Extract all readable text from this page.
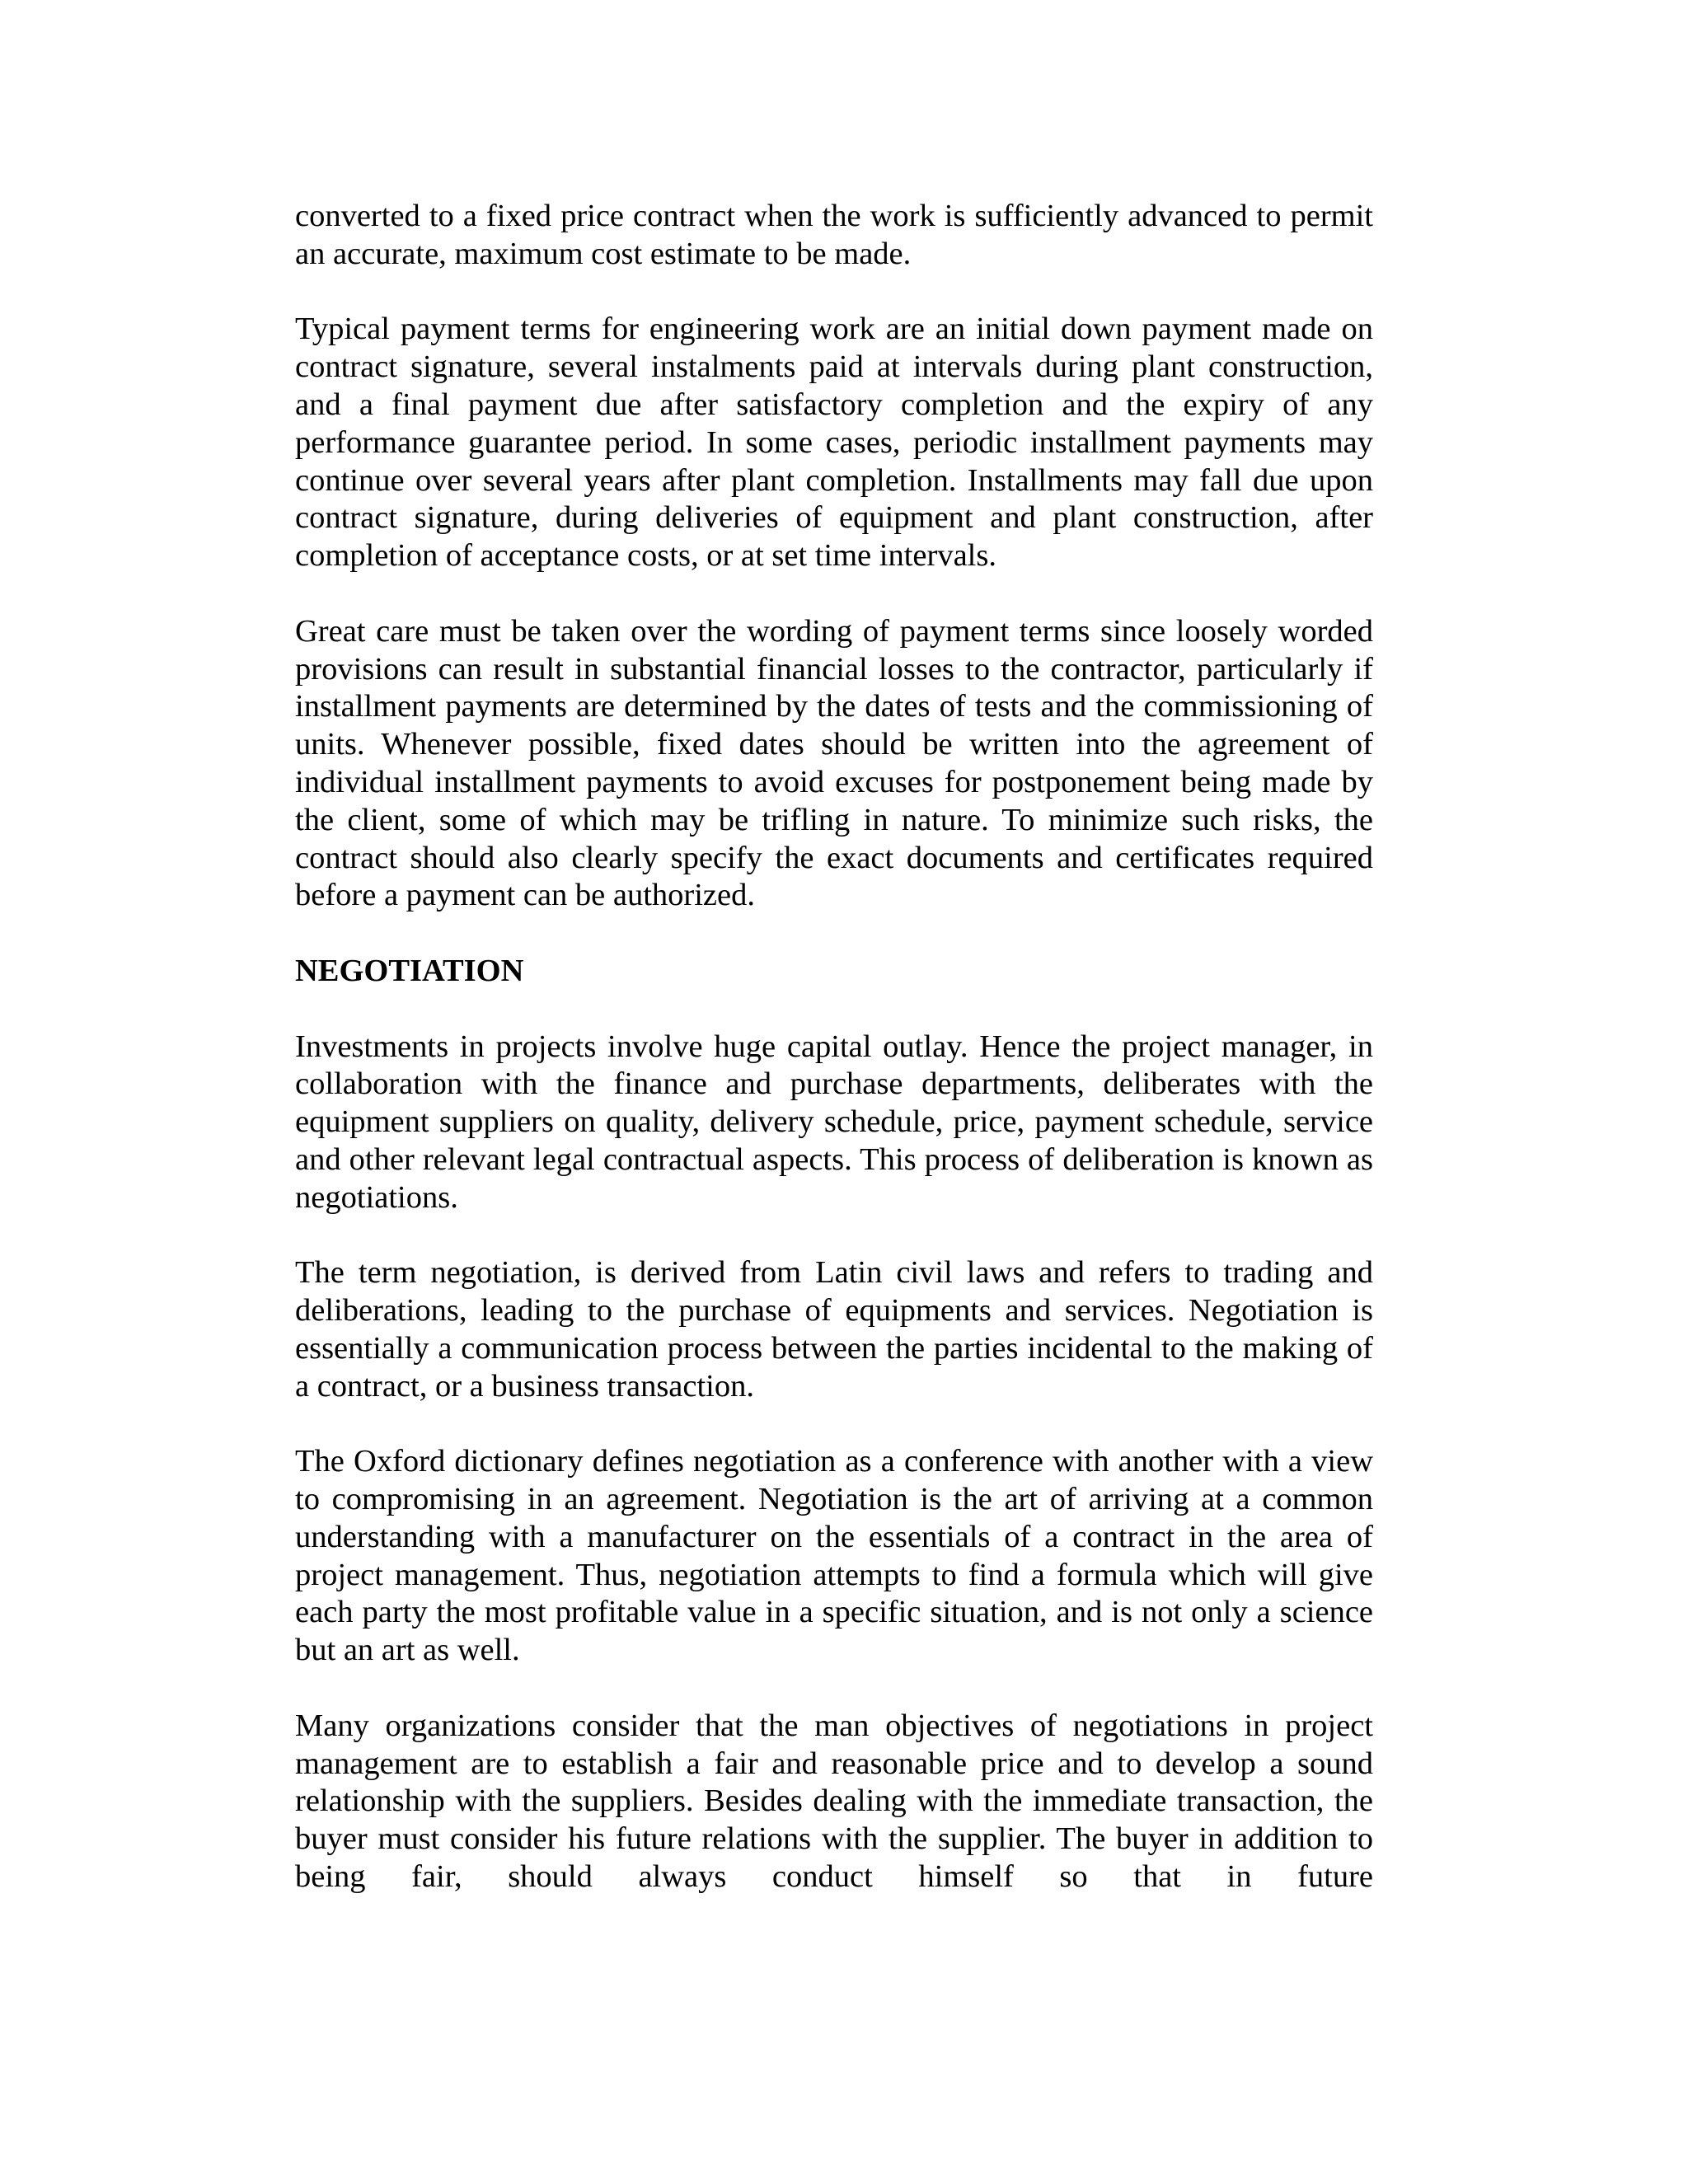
converted to a fixed price contract when the work is sufficiently advanced to permit an accurate, maximum cost estimate to be made.

Typical payment terms for engineering work are an initial down payment made on contract signature, several instalments paid at intervals during plant construction, and a final payment due after satisfactory completion and the expiry of any performance guarantee period. In some cases, periodic installment payments may continue over several years after plant completion. Installments may fall due upon contract signature, during deliveries of equipment and plant construction, after completion of acceptance costs, or at set time intervals.

Great care must be taken over the wording of payment terms since loosely worded provisions can result in substantial financial losses to the contractor, particularly if installment payments are determined by the dates of tests and the commissioning of units. Whenever possible, fixed dates should be written into the agreement of individual installment payments to avoid excuses for postponement being made by the client, some of which may be trifling in nature. To minimize such risks, the contract should also clearly specify the exact documents and certificates required before a payment can be authorized.

NEGOTIATION

Investments in projects involve huge capital outlay. Hence the project manager, in collaboration with the finance and purchase departments, deliberates with the equipment suppliers on quality, delivery schedule, price, payment schedule, service and other relevant legal contractual aspects. This process of deliberation is known as negotiations.

The term negotiation, is derived from Latin civil laws and refers to trading and deliberations, leading to the purchase of equipments and services. Negotiation is essentially a communication process between the parties incidental to the making of a contract, or a business transaction.

The Oxford dictionary defines negotiation as a conference with another with a view to compromising in an agreement. Negotiation is the art of arriving at a common understanding with a manufacturer on the essentials of a contract in the area of project management. Thus, negotiation attempts to find a formula which will give each party the most profitable value in a specific situation, and is not only a science but an art as well.

Many organizations consider that the man objectives of negotiations in project management are to establish a fair and reasonable price and to develop a sound relationship with the suppliers. Besides dealing with the immediate transaction, the buyer must consider his future relations with the supplier. The buyer in addition to being fair, should always conduct himself so that in future
